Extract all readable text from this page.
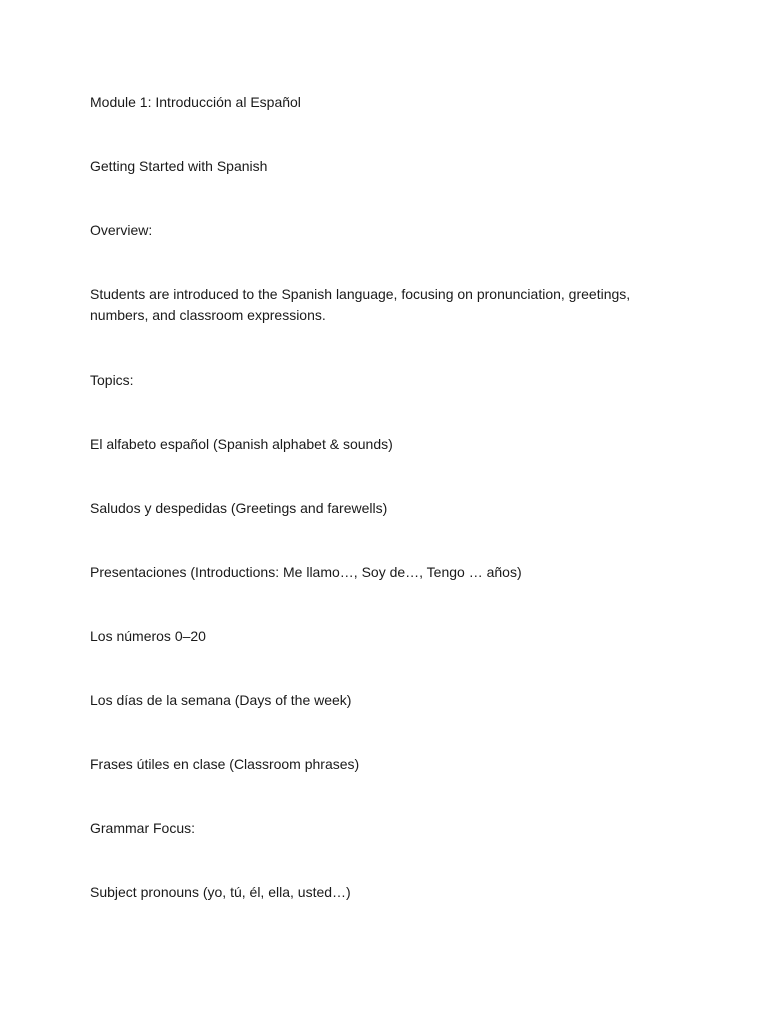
Module 1: Introducción al Español

Getting Started with Spanish

Overview:

Students are introduced to the Spanish language, focusing on pronunciation, greetings, numbers, and classroom expressions.

Topics:

El alfabeto español (Spanish alphabet & sounds)

Saludos y despedidas (Greetings and farewells)

Presentaciones (Introductions: Me llamo…, Soy de…, Tengo … años)

Los números 0–20

Los días de la semana (Days of the week)

Frases útiles en clase (Classroom phrases)

Grammar Focus:

Subject pronouns (yo, tú, él, ella, usted…)
